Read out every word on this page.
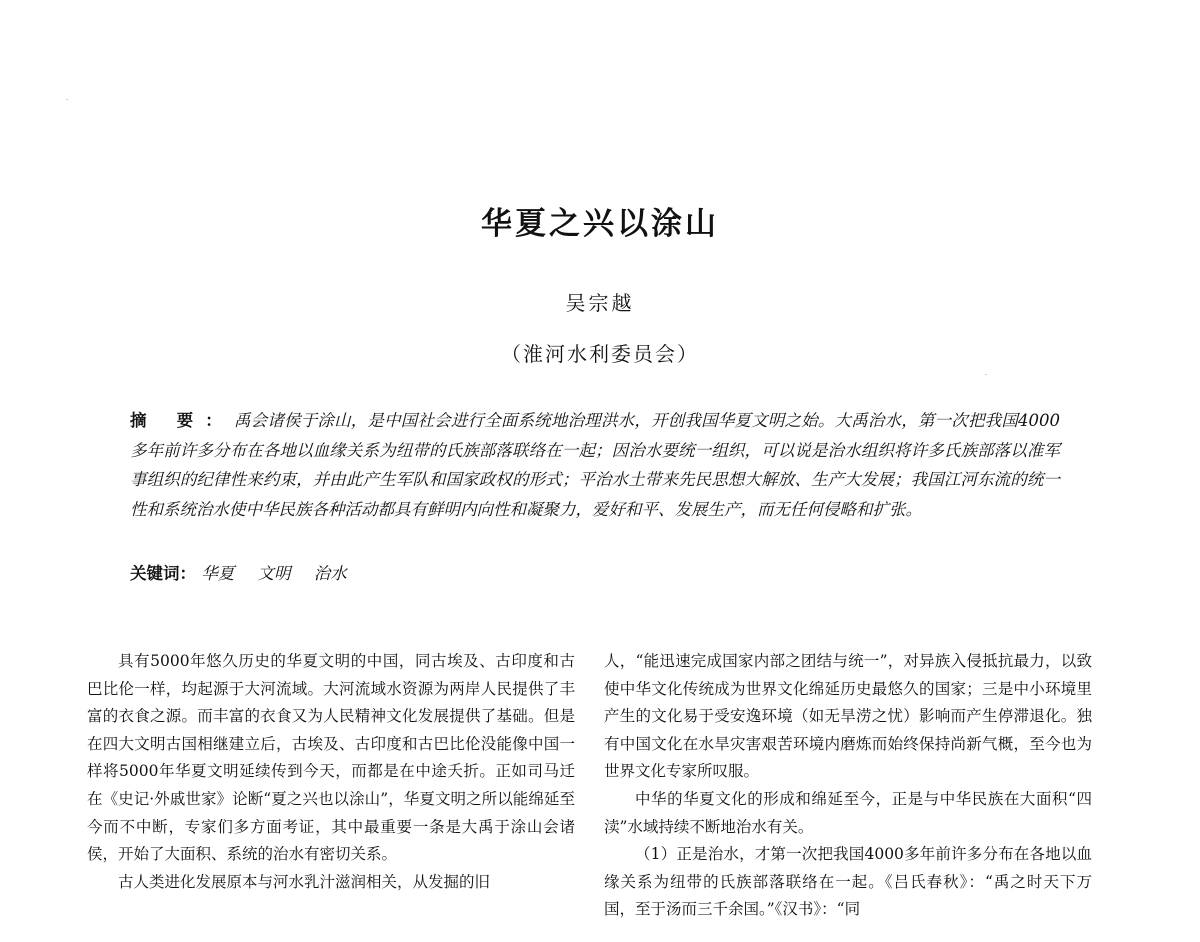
华夏之兴以涂山
吴宗越
（淮河水利委员会）
摘 要：禹会诸侯于涂山，是中国社会进行全面系统地治理洪水，开创我国华夏文明之始。大禹治水，第一次把我国4000多年前许多分布在各地以血缘关系为纽带的氏族部落联络在一起；因治水要统一组织，可以说是治水组织将许多氏族部落以准军事组织的纪律性来约束，并由此产生军队和国家政权的形式；平治水土带来先民思想大解放、生产大发展；我国江河东流的统一性和系统治水使中华民族各种活动都具有鲜明内向性和凝聚力，爱好和平、发展生产，而无任何侵略和扩张。
关键词： 华夏 文明 治水

具有5000年悠久历史的华夏文明的中国，同古埃及、古印度和古巴比伦一样，均起源于大河流域。大河流域水资源为两岸人民提供了丰富的衣食之源。而丰富的衣食又为人民精神文化发展提供了基础。但是在四大文明古国相继建立后，古埃及、古印度和古巴比伦没能像中国一样将5000年华夏文明延续传到今天，而都是在中途夭折。正如司马迁在《史记·外戚世家》论断“夏之兴也以涂山”，华夏文明之所以能绵延至今而不中断，专家们多方面考证，其中最重要一条是大禹于涂山会诸侯，开始了大面积、系统的治水有密切关系。

古人类进化发展原本与河水乳汁滋润相关，从发掘的旧

人，“能迅速完成国家内部之团结与统一”，对异族入侵抵抗最力，以致使中华文化传统成为世界文化绵延历史最悠久的国家；三是中小环境里产生的文化易于受安逸环境（如无旱涝之忧）影响而产生停滞退化。独有中国文化在水旱灾害艰苦环境内磨炼而始终保持尚新气概，至今也为世界文化专家所叹服。

中华的华夏文化的形成和绵延至今，正是与中华民族在大面积“四渎”水域持续不断地治水有关。

（1）正是治水，才第一次把我国4000多年前许多分布在各地以血缘关系为纽带的氏族部落联络在一起。《吕氏春秋》：“禹之时天下万国，至于汤而三千余国。”《汉书》：“同
